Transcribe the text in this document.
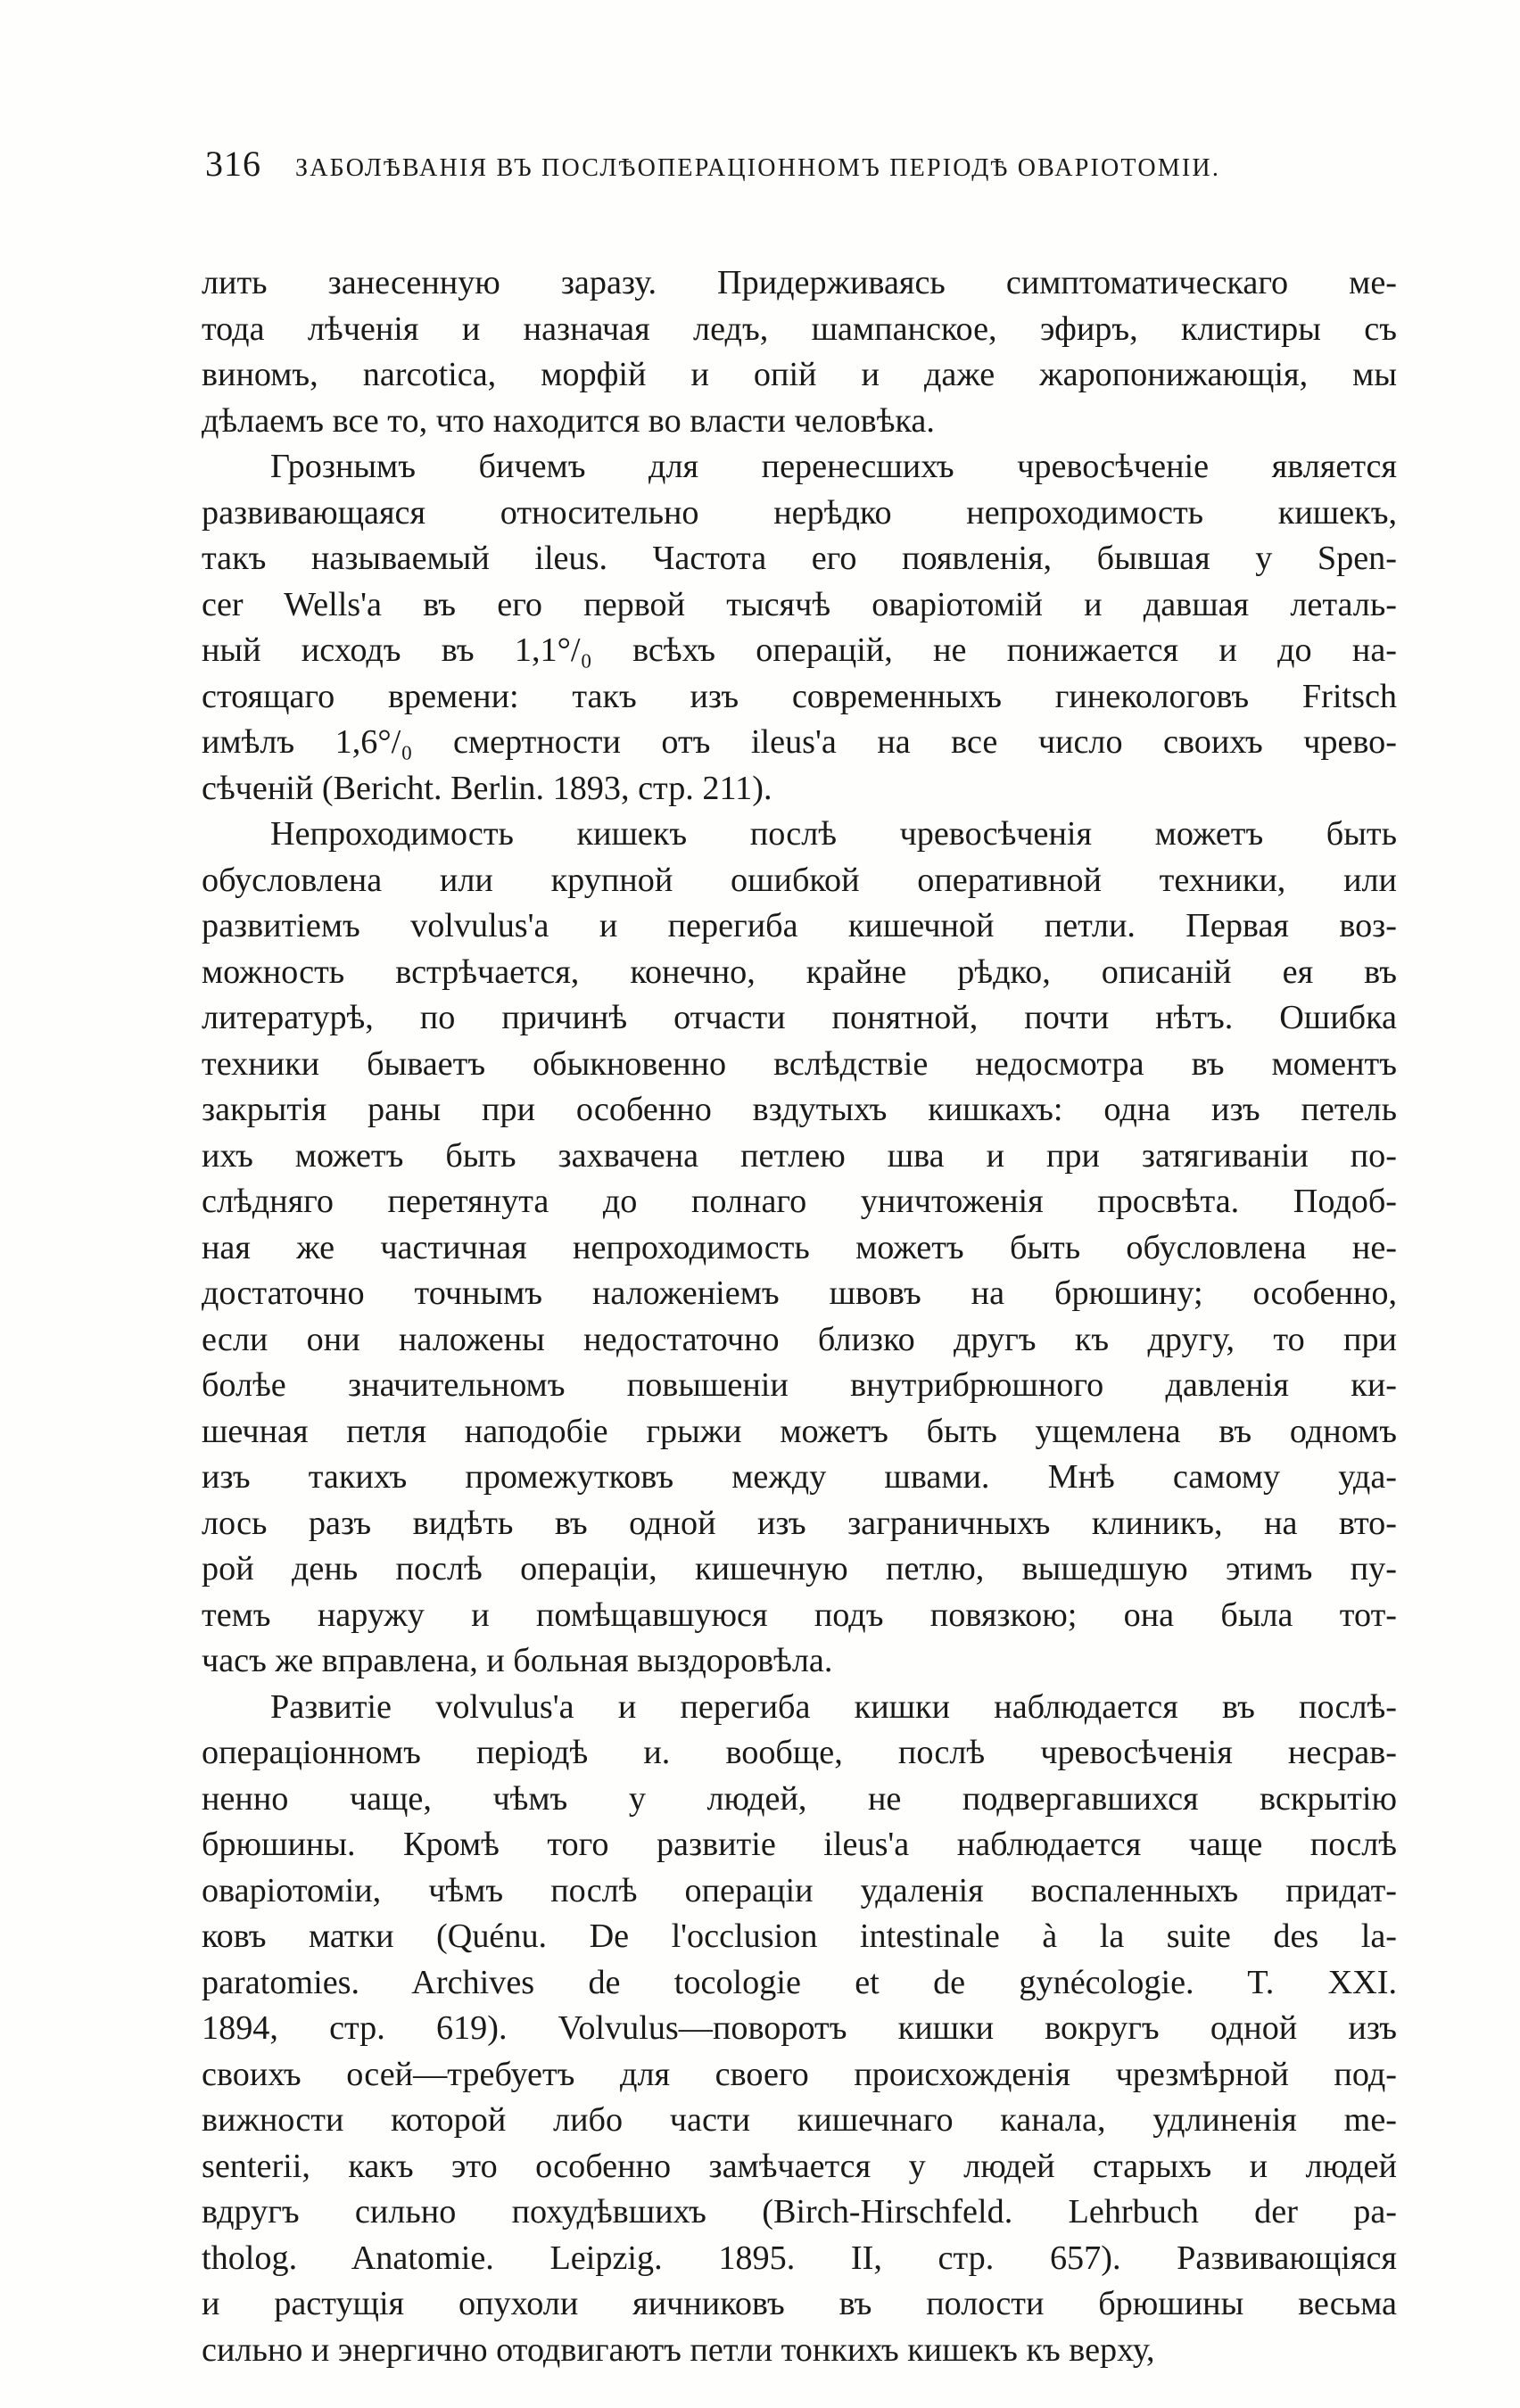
316 ЗАБОЛѢВАНІЯ ВЪ ПОСЛѢОПЕРАЦІОННОМЪ ПЕРІОДѢ ОВАРІОТОМІИ.

лить занесенную заразу. Придерживаясь симптоматическаго ме-
тода лѣченія и назначая ледъ, шампанское, эфиръ, клистиры съ
виномъ, narcotica, морфій и опій и даже жаропонижающія, мы
дѣлаемъ все то, что находится во власти человѣка.

Грознымъ бичемъ для перенесшихъ чревосѣченіе является
развивающаяся относительно нерѣдко непроходимость кишекъ,
такъ называемый ileus. Частота его появленія, бывшая у Spen-
cer Wells'а въ его первой тысячѣ оваріотомій и давшая леталь-
ный исходъ въ 1,1°/₀ всѣхъ операцій, не понижается и до на-
стоящаго времени: такъ изъ современныхъ гинекологовъ Fritsch
имѣлъ 1,6°/₀ смертности отъ ileus'а на все число своихъ чрево-
сѣченій (Bericht. Berlin. 1893, стр. 211).

Непроходимость кишекъ послѣ чревосѣченія можетъ быть
обусловлена или крупной ошибкой оперативной техники, или
развитіемъ volvulus'а и перегиба кишечной петли. Первая воз-
можность встрѣчается, конечно, крайне рѣдко, описаній ея въ
литературѣ, по причинѣ отчасти понятной, почти нѣтъ. Ошибка
техники бываетъ обыкновенно вслѣдствіе недосмотра въ моментъ
закрытія раны при особенно вздутыхъ кишкахъ: одна изъ петель
ихъ можетъ быть захвачена петлею шва и при затягиваніи по-
слѣдняго перетянута до полнаго уничтоженія просвѣта. Подоб-
ная же частичная непроходимость можетъ быть обусловлена не-
достаточно точнымъ наложеніемъ швовъ на брюшину; особенно,
если они наложены недостаточно близко другъ къ другу, то при
болѣе значительномъ повышеніи внутрибрюшного давленія ки-
шечная петля наподобіе грыжи можетъ быть ущемлена въ одномъ
изъ такихъ промежутковъ между швами. Мнѣ самому уда-
лось разъ видѣть въ одной изъ заграничныхъ клиникъ, на вто-
рой день послѣ операціи, кишечную петлю, вышедшую этимъ пу-
темъ наружу и помѣщавшуюся подъ повязкою; она была тот-
часъ же вправлена, и больная выздоровѣла.

Развитіе volvulus'а и перегиба кишки наблюдается въ послѣ-
операціонномъ періодѣ и. вообще, послѣ чревосѣченія несрав-
ненно чаще, чѣмъ у людей, не подвергавшихся вскрытію
брюшины. Кромѣ того развитіе ileus'а наблюдается чаще послѣ
оваріотоміи, чѣмъ послѣ операціи удаленія воспаленныхъ придат-
ковъ матки (Quénu. De l'occlusion intestinale à la suite des la-
paratomies. Archives de tocologie et de gynécologie. T. XXI.
1894, стр. 619). Volvulus—поворотъ кишки вокругъ одной изъ
своихъ осей—требуетъ для своего происхожденія чрезмѣрной под-
вижности которой либо части кишечнаго канала, удлиненія me-
senterii, какъ это особенно замѣчается у людей старыхъ и людей
вдругъ сильно похудѣвшихъ (Birch-Hirschfeld. Lehrbuch der pa-
tholog. Anatomie. Leipzig. 1895. II, стр. 657). Развивающіяся
и растущія опухоли яичниковъ въ полости брюшины весьма
сильно и энергично отодвигаютъ петли тонкихъ кишекъ къ верху,
